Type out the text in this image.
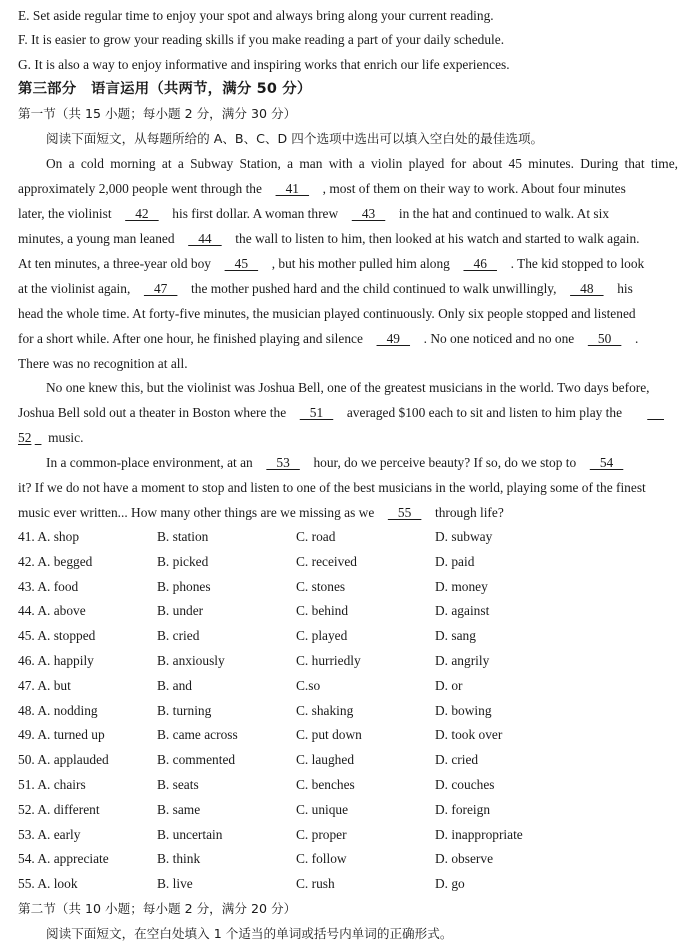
E. Set aside regular time to enjoy your spot and always bring along your current reading.
F. It is easier to grow your reading skills if you make reading a part of your daily schedule.
G. It is also a way to enjoy informative and inspiring works that enrich our life experiences.
第三部分　语言运用（共两节，满分 50 分）
第一节（共 15 小题；每小题 2 分，满分 30 分）
阅读下面短文，从每题所给的 A、B、C、D 四个选项中选出可以填入空白处的最佳选项。
On a cold morning at a Subway Station, a man with a violin played for about 45 minutes. During that time,
approximately 2,000 people went through the    41    , most of them on their way to work. About four minutes
later, the violinist    42    his first dollar. A woman threw    43    in the hat and continued to walk. At six
minutes, a young man leaned    44    the wall to listen to him, then looked at his watch and started to walk again.
At ten minutes, a three-year old boy    45    , but his mother pulled him along    46    . The kid stopped to look
at the violinist again,    47    the mother pushed hard and the child continued to walk unwillingly,    48    his
head the whole time. At forty-five minutes, the musician played continuously. Only six people stopped and listened
for a short while. After one hour, he finished playing and silence    49    . No one noticed and no one    50    .
There was no recognition at all.
No one knew this, but the violinist was Joshua Bell, one of the greatest musicians in the world. Two days before,
Joshua Bell sold out a theater in Boston where the    51    averaged $100 each to sit and listen to him play the

52 music.
In a common-place environment, at an    53    hour, do we perceive beauty? If so, do we stop to    54
it? If we do not have a moment to stop and listen to one of the best musicians in the world, playing some of the finest
music ever written... How many other things are we missing as we    55    through life?
41. A. shop	B. station	C. road	D. subway
42. A. begged	B. picked	C. received	D. paid
43. A. food	B. phones	C. stones	D. money
44. A. above	B. under	C. behind	D. against
45. A. stopped	B. cried	C. played	D. sang
46. A. happily	B. anxiously	C. hurriedly	D. angrily
47. A. but	B. and	C.so	D. or
48. A. nodding	B. turning	C. shaking	D. bowing
49. A. turned up	B. came across	C. put down	D. took over
50. A. applauded	B. commented	C. laughed	D. cried
51. A. chairs	B. seats	C. benches	D. couches
52. A. different	B. same	C. unique	D. foreign
53. A. early	B. uncertain	C. proper	D. inappropriate
54. A. appreciate	B. think	C. follow	D. observe
55. A. look	B. live	C. rush	D. go
第二节（共 10 小题；每小题 2 分，满分 20 分）
阅读下面短文，在空白处填入 1 个适当的单词或括号内单词的正确形式。
